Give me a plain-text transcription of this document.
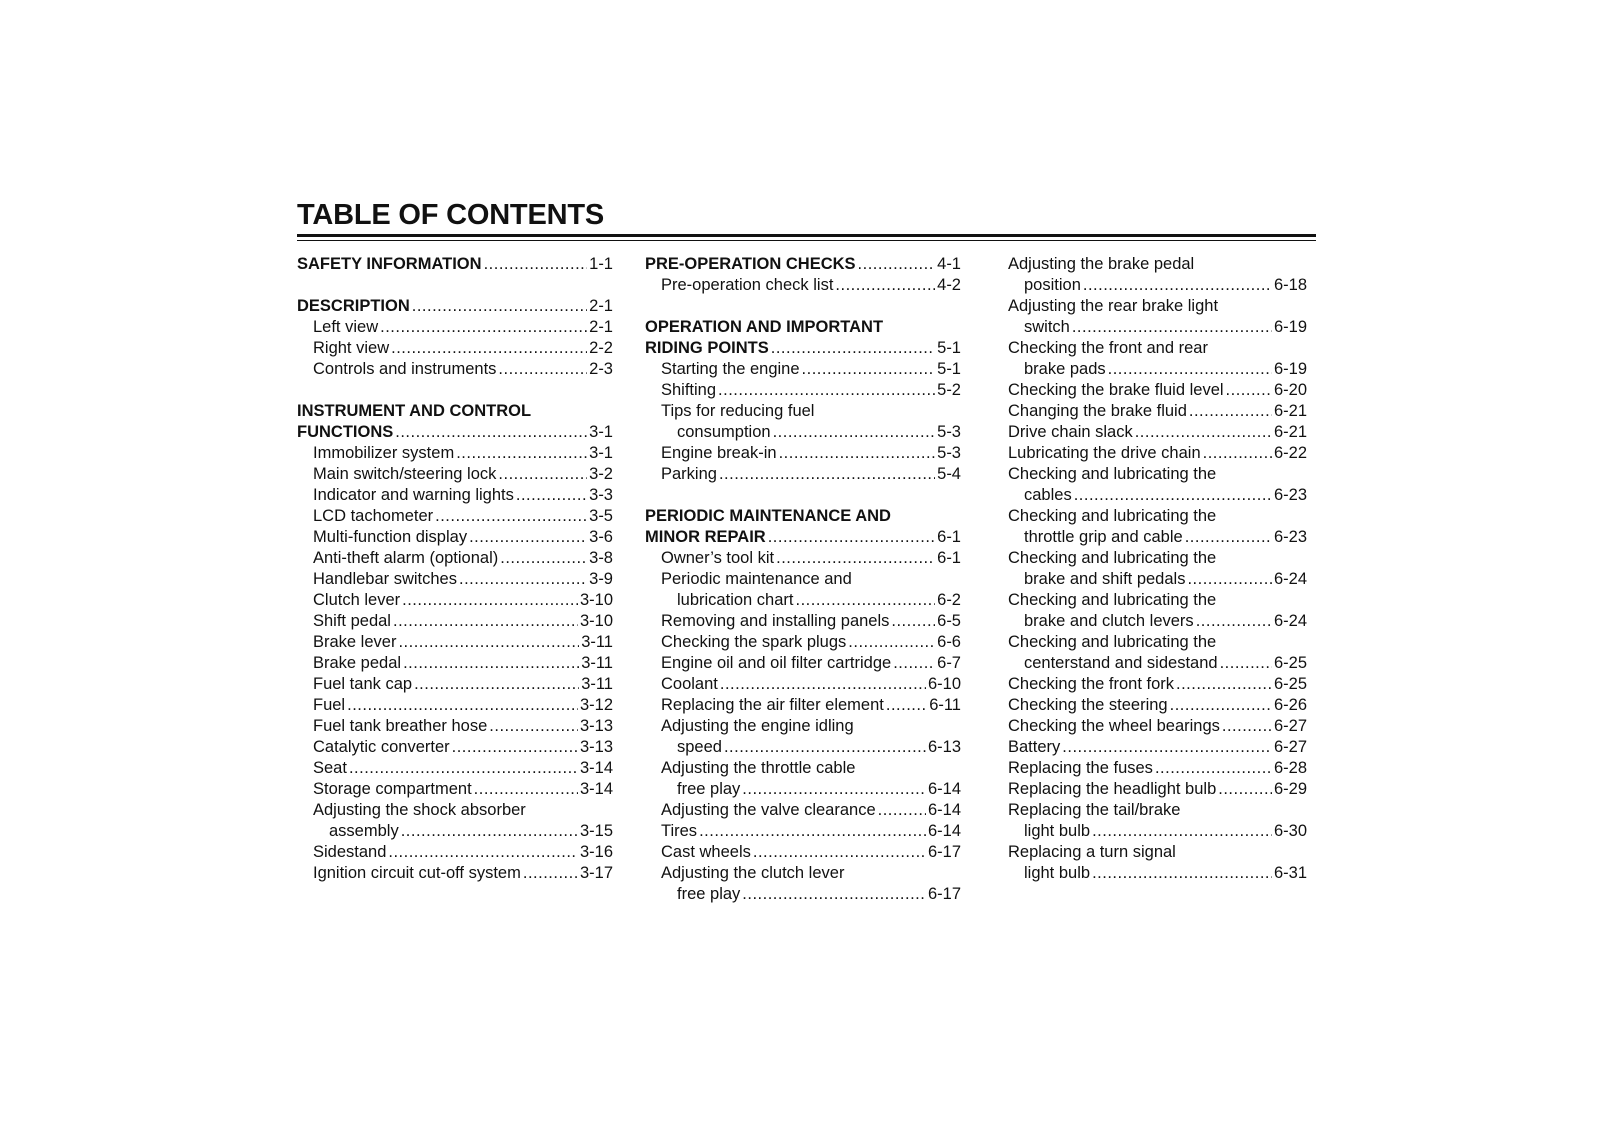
TABLE OF CONTENTS
SAFETY INFORMATION .....	1-1
DESCRIPTION .....	2-1
Left view .....	2-1
Right view .....	2-2
Controls and instruments .....	2-3
INSTRUMENT AND CONTROL
FUNCTIONS .....	3-1
Immobilizer system .....	3-1
Main switch/steering lock .....	3-2
Indicator and warning lights .....	3-3
LCD tachometer .....	3-5
Multi-function display .....	3-6
Anti-theft alarm (optional) .....	3-8
Handlebar switches .....	3-9
Clutch lever .....	3-10
Shift pedal .....	3-10
Brake lever .....	3-11
Brake pedal .....	3-11
Fuel tank cap .....	3-11
Fuel .....	3-12
Fuel tank breather hose .....	3-13
Catalytic converter .....	3-13
Seat .....	3-14
Storage compartment .....	3-14
Adjusting the shock absorber
assembly .....	3-15
Sidestand .....	3-16
Ignition circuit cut-off system .....	3-17
PRE-OPERATION CHECKS .....	4-1
Pre-operation check list .....	4-2
OPERATION AND IMPORTANT
RIDING POINTS .....	5-1
Starting the engine .....	5-1
Shifting .....	5-2
Tips for reducing fuel
consumption .....	5-3
Engine break-in .....	5-3
Parking .....	5-4
PERIODIC MAINTENANCE AND
MINOR REPAIR .....	6-1
Owner’s tool kit .....	6-1
Periodic maintenance and
lubrication chart .....	6-2
Removing and installing panels .....	6-5
Checking the spark plugs .....	6-6
Engine oil and oil filter cartridge .....	6-7
Coolant .....	6-10
Replacing the air filter element .....	6-11
Adjusting the engine idling
speed .....	6-13
Adjusting the throttle cable
free play .....	6-14
Adjusting the valve clearance .....	6-14
Tires .....	6-14
Cast wheels .....	6-17
Adjusting the clutch lever
free play .....	6-17
Adjusting the brake pedal
position .....	6-18
Adjusting the rear brake light
switch .....	6-19
Checking the front and rear
brake pads .....	6-19
Checking the brake fluid level .....	6-20
Changing the brake fluid .....	6-21
Drive chain slack .....	6-21
Lubricating the drive chain .....	6-22
Checking and lubricating the
cables .....	6-23
Checking and lubricating the
throttle grip and cable .....	6-23
Checking and lubricating the
brake and shift pedals .....	6-24
Checking and lubricating the
brake and clutch levers .....	6-24
Checking and lubricating the
centerstand and sidestand .....	6-25
Checking the front fork .....	6-25
Checking the steering .....	6-26
Checking the wheel bearings .....	6-27
Battery .....	6-27
Replacing the fuses .....	6-28
Replacing the headlight bulb .....	6-29
Replacing the tail/brake
light bulb .....	6-30
Replacing a turn signal
light bulb .....	6-31
